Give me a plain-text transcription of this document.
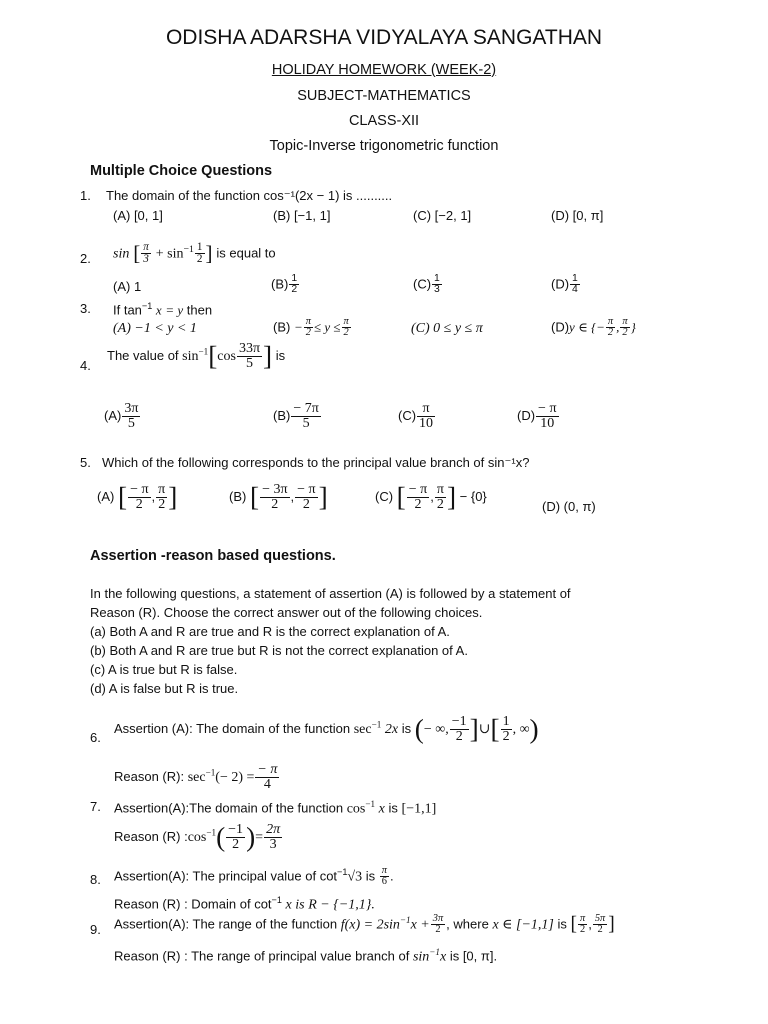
ODISHA ADARSHA VIDYALAYA SANGATHAN
HOLIDAY HOMEWORK (WEEK-2)
SUBJECT-MATHEMATICS
CLASS-XII
Topic-Inverse trigonometric function
Multiple Choice Questions
1. The domain of the function cos⁻¹(2x − 1) is ..........
(A) [0, 1]	(B) [−1, 1]	(C) [−2, 1]	(D) [0, π]
2. sin [ $\frac{\pi}{3} + \sin^{-1} \frac{1}{2}$ ] is equal to
(A) 1	$(B) \frac{1}{2}$	$(C) \frac{1}{3}$	$(D) \frac{1}{4}$
3. If $\tan^{-1} x = y$ then
(A) −1 < y < 1	$(B) - \frac{\pi}{2} \le y \le \frac{\pi}{2}$	(C) 0 ≤ y ≤ π	(D)y ∈ {− $\frac{\pi}{2}$ , $\frac{\pi}{2}$ }
4.
The value of $\sin^{-1}[\cos \frac{33\pi}{5}$ ] is
$(A) \frac{3\pi}{5}$	$(B) \frac{- 7\pi}{5}$	$(C) \frac{\pi}{10}$	$(D) \frac{- \pi}{10}$
5. Which of the following corresponds to the principal value branch of sin⁻¹x?
(A) [ $\frac{- \pi}{2}$ , $\frac{\pi}{2}$ ]	(B) [ $\frac{- 3\pi}{2}$ , $\frac{- \pi}{2}$ ]	(C) [ $\frac{- \pi}{2}$ , $\frac{\pi}{2}$ ] − {0}
(D) (0, π)
Assertion -reason based questions.
In the following questions, a statement of assertion (A) is followed by a statement of
Reason (R). Choose the correct answer out of the following choices.
(a) Both A and R are true and R is the correct explanation of A.
(b) Both A and R are true but R is not the correct explanation of A.
(c) A is true but R is false.
(d) A is false but R is true.
6.
Assertion (A): The domain of the function $\sec^{-1} 2x$ is (− ∞, $\frac{-1}{2}$ ]∪[ $\frac{1}{2}$ , ∞)
Reason (R): $\sec^{-1}(- 2) = \frac{- \pi}{4}$
7. Assertion(A):The domain of the function $\cos^{-1} x$ is [−1,1]
Reason (R) $:\cos^{-1}( \frac{-1}{2}$ )= $\frac{2\pi}{3}$
8. Assertion(A): The principal value of $\cot^{-1}√3$ is $\frac{\pi}{6}$ .
Reason (R) : Domain of $\cot^{-1} x$ is R − {−1,1}.
9. Assertion(A): The range of the function $f(x) = 2\sin^{-1}x + \frac{3\pi}{2}$ , where x ∈ [−1,1] is [ $\frac{\pi}{2}$ , $\frac{5\pi}{2}$ ]
Reason (R) : The range of principal value branch of $\sin^{-1}x$ is [0, π].
